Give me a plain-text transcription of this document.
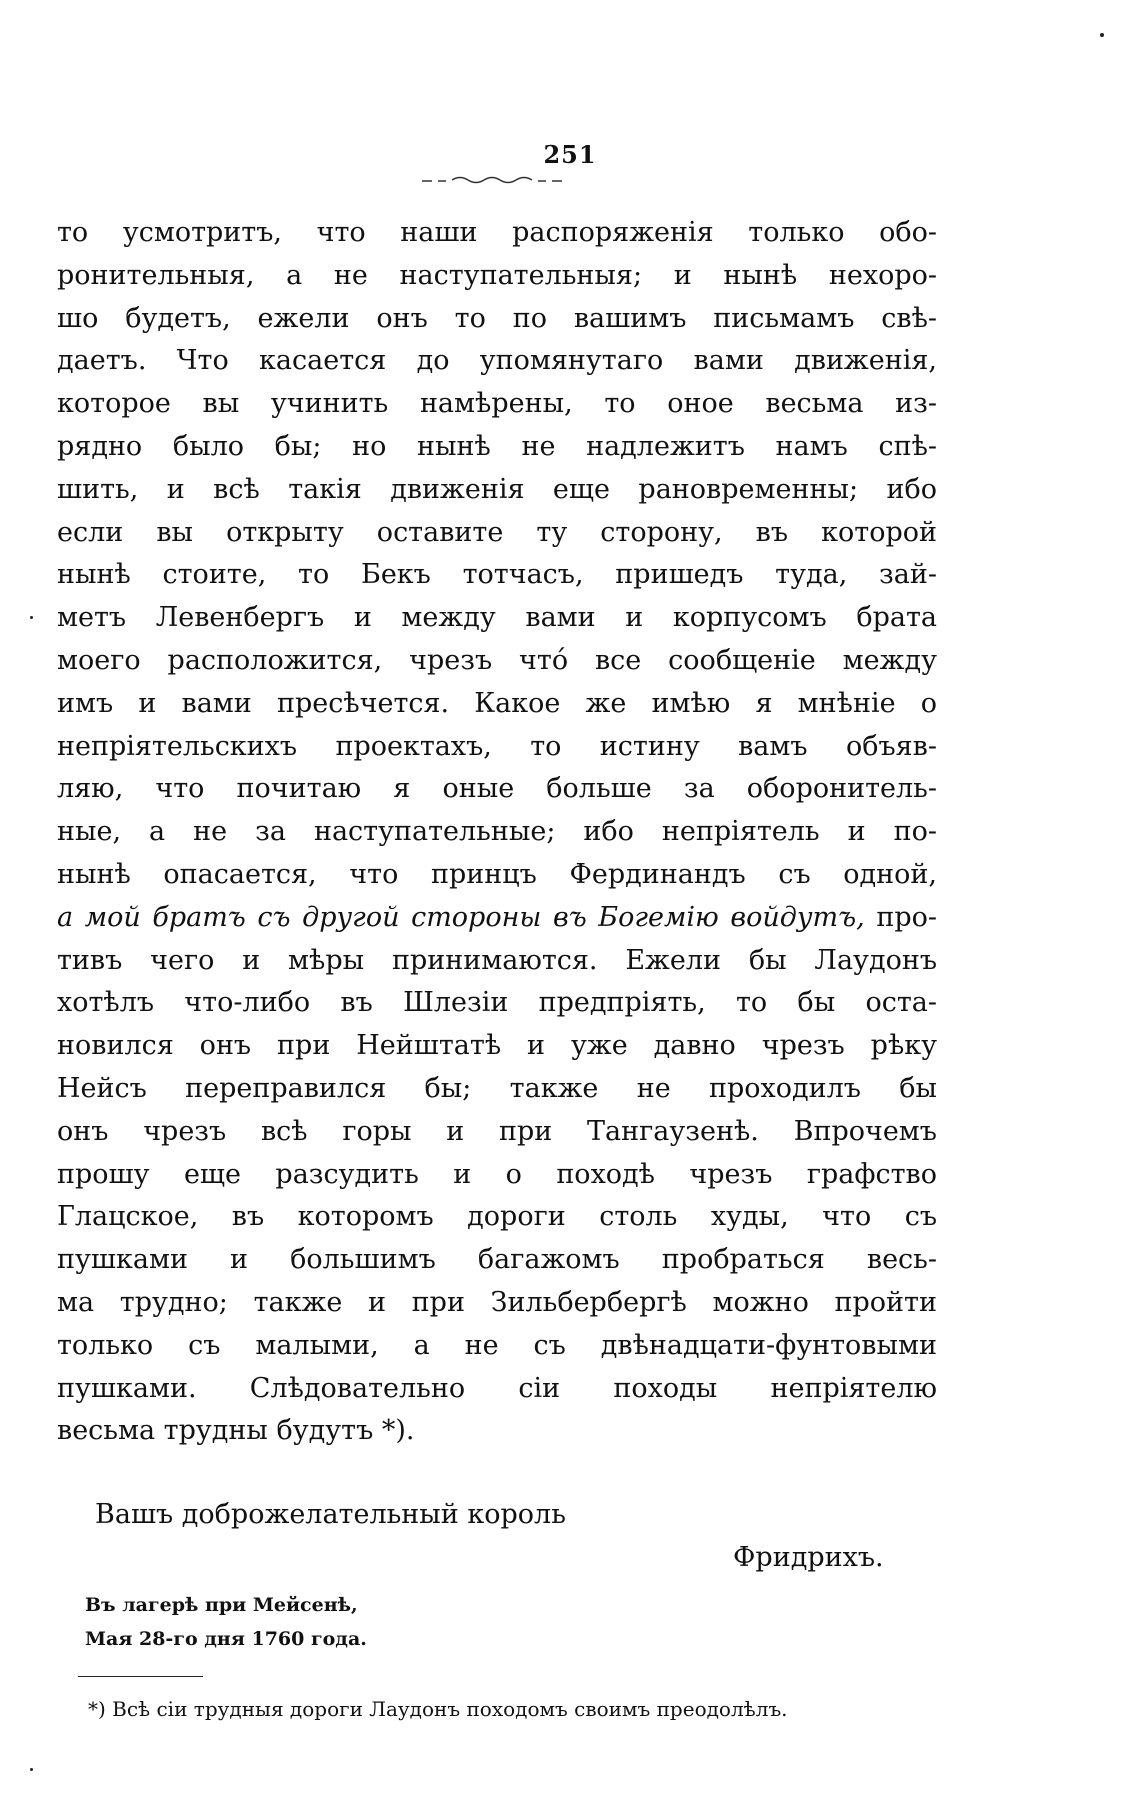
251
то усмотритъ, что наши распоряженія только обо-
ронительныя, а не наступательныя; и нынѣ нехоро-
шо будетъ, ежели онъ то по вашимъ письмамъ свѣ-
даетъ. Что касается до упомянутаго вами движенія,
которое вы учинить намѣрены, то оное весьма из-
рядно было бы; но нынѣ не надлежитъ намъ спѣ-
шить, и всѣ такія движенія еще рановременны; ибо
если вы открыту оставите ту сторону, въ которой
нынѣ стоите, то Бекъ тотчасъ, пришедъ туда, зай-
метъ Левенбергъ и между вами и корпусомъ брата
моего расположится, чрезъ чтó все сообщеніе между
имъ и вами пресѣчется. Какое же имѣю я мнѣніе о
непріятельскихъ проектахъ, то истину вамъ объяв-
ляю, что почитаю я оные больше за оборонитель-
ные, а не за наступательные; ибо непріятель и по-
нынѣ опасается, что принцъ Фердинандъ съ одной,
а мой братъ съ другой стороны въ Богемію войдутъ, про-
тивъ чего и мѣры принимаются. Ежели бы Лаудонъ
хотѣлъ что-либо въ Шлезіи предпріять, то бы оста-
новился онъ при Нейштатѣ и уже давно чрезъ рѣку
Нейсъ переправился бы; также не проходилъ бы
онъ чрезъ всѣ горы и при Тангаузенѣ. Впрочемъ
прошу еще разсудить и о походѣ чрезъ графство
Глацское, въ которомъ дороги столь худы, что съ
пушками и большимъ багажомъ пробраться весь-
ма трудно; также и при Зильбербергѣ можно пройти
только съ малыми, а не съ двѣнадцати-фунтовыми
пушками. Слѣдовательно сіи походы непріятелю
весьма трудны будутъ *).
Вашъ доброжелательный король
Фридрихъ.
Въ лагерѣ при Мейсенѣ,
Мая 28-го дня 1760 года.
*) Всѣ сіи трудныя дороги Лаудонъ походомъ своимъ преодолѣлъ.
